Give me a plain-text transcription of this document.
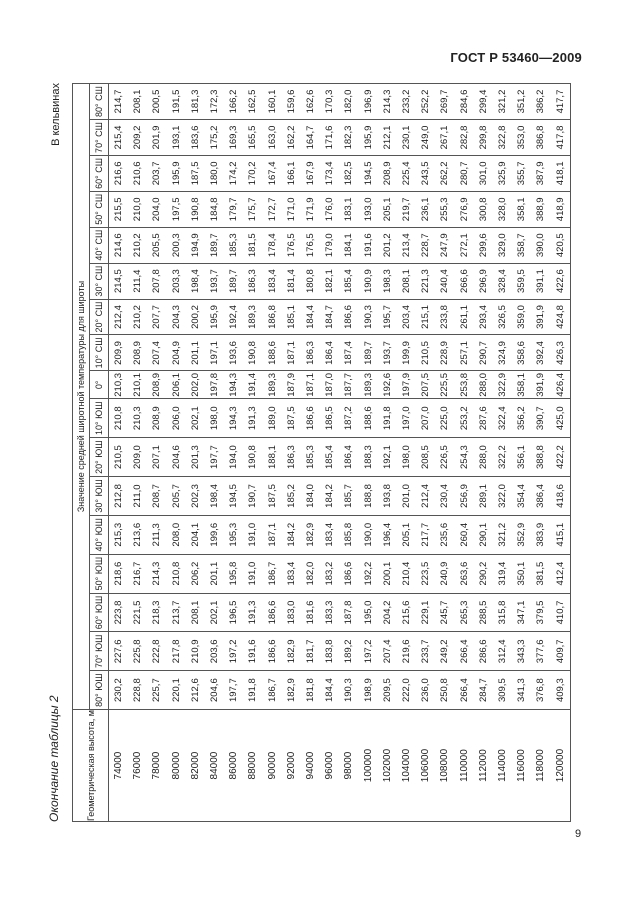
ГОСТ Р 53460—2009
Окончание таблицы 2
В кельвинах
Геометрическая высота, м	Значение средней широтной температуры для широты																
	80° ЮШ	70° ЮШ	60° ЮШ	50° ЮШ	40° ЮШ	30° ЮШ	20° ЮШ	10° ЮШ	0°	10° СШ	20° СШ	30° СШ	40° СШ	50° СШ	60° СШ	70° СШ	80° СШ
74000	230,2	227,6	223,8	218,6	215,3	212,8	210,5	210,8	210,3	209,9	212,4	214,5	214,6	215,5	216,6	215,4	214,7
76000	228,8	225,8	221,5	216,7	213,6	211,0	209,0	210,3	210,1	208,9	210,2	211,4	210,2	210,0	210,6	209,2	208,1
78000	225,7	222,8	218,3	214,3	211,3	208,7	207,1	208,9	208,9	207,4	207,7	207,8	205,5	204,0	203,7	201,9	200,5
80000	220,1	217,8	213,7	210,8	208,0	205,7	204,6	206,0	206,1	204,9	204,3	203,3	200,3	197,5	195,9	193,1	191,5
82000	212,6	210,9	208,1	206,2	204,1	202,3	201,3	202,1	202,0	201,1	200,2	198,4	194,9	190,8	187,5	183,6	181,3
84000	204,6	203,6	202,1	201,1	199,6	198,4	197,7	198,0	197,8	197,1	195,9	193,7	189,7	184,8	180,0	175,2	172,3
86000	197,7	197,2	196,5	195,8	195,3	194,5	194,0	194,3	194,3	193,6	192,4	189,7	185,3	179,7	174,2	169,3	166,2
88000	191,8	191,6	191,3	191,0	191,0	190,7	190,8	191,3	191,4	190,8	189,3	186,3	181,5	175,7	170,2	165,5	162,5
90000	186,7	186,6	186,6	186,7	187,1	187,5	188,1	189,0	189,3	188,6	186,8	183,4	178,4	172,7	167,4	163,0	160,1
92000	182,9	182,9	183,0	183,4	184,2	185,2	186,3	187,5	187,9	187,1	185,1	181,4	176,5	171,0	166,1	162,2	159,6
94000	181,8	181,7	181,6	182,0	182,9	184,0	185,3	186,6	187,1	186,3	184,4	180,8	176,5	171,9	167,9	164,7	162,6
96000	184,4	183,8	183,3	183,2	183,4	184,2	185,4	186,5	187,0	186,4	184,7	182,1	179,0	176,0	173,4	171,6	170,3
98000	190,3	189,2	187,8	186,6	185,8	185,7	186,4	187,2	187,7	187,4	186,6	185,4	184,1	183,1	182,5	182,3	182,0
100000	198,9	197,2	195,0	192,2	190,0	188,8	188,3	188,6	189,3	189,7	190,3	190,9	191,6	193,0	194,5	195,9	196,9
102000	209,5	207,4	204,2	200,1	196,4	193,8	192,1	191,8	192,6	193,7	195,7	198,3	201,2	205,1	208,9	212,1	214,3
104000	222,0	219,6	215,6	210,4	205,1	201,0	198,0	197,0	197,9	199,9	203,4	208,1	213,4	219,7	225,4	230,1	233,2
106000	236,0	233,7	229,1	223,5	217,7	212,4	208,5	207,0	207,5	210,5	215,1	221,3	228,7	236,1	243,5	249,0	252,2
108000	250,8	249,2	245,7	240,9	235,6	230,4	226,5	225,0	225,5	228,9	233,8	240,4	247,9	255,3	262,2	267,1	269,7
110000	266,4	266,4	265,3	263,6	260,4	256,9	254,3	253,2	253,8	257,1	261,1	266,6	272,1	276,9	280,7	282,8	284,6
112000	284,7	286,6	288,5	290,2	290,1	289,1	288,0	287,6	288,0	290,7	293,4	296,9	299,6	300,8	301,0	299,8	299,4
114000	309,5	312,4	315,8	319,4	321,2	322,0	322,2	322,4	322,9	324,9	326,5	328,4	329,0	328,0	325,9	322,8	321,2
116000	341,3	343,3	347,1	350,1	352,9	354,4	356,1	356,2	358,1	358,6	359,0	359,5	358,7	358,1	355,7	353,0	351,2
118000	376,8	377,6	379,5	381,5	383,9	386,4	388,8	390,7	391,9	392,4	391,9	391,1	390,0	388,9	387,9	386,8	386,2
120000	409,3	409,7	410,7	412,4	415,1	418,6	422,2	425,0	426,4	426,3	424,8	422,6	420,5	418,9	418,1	417,8	417,7
9
